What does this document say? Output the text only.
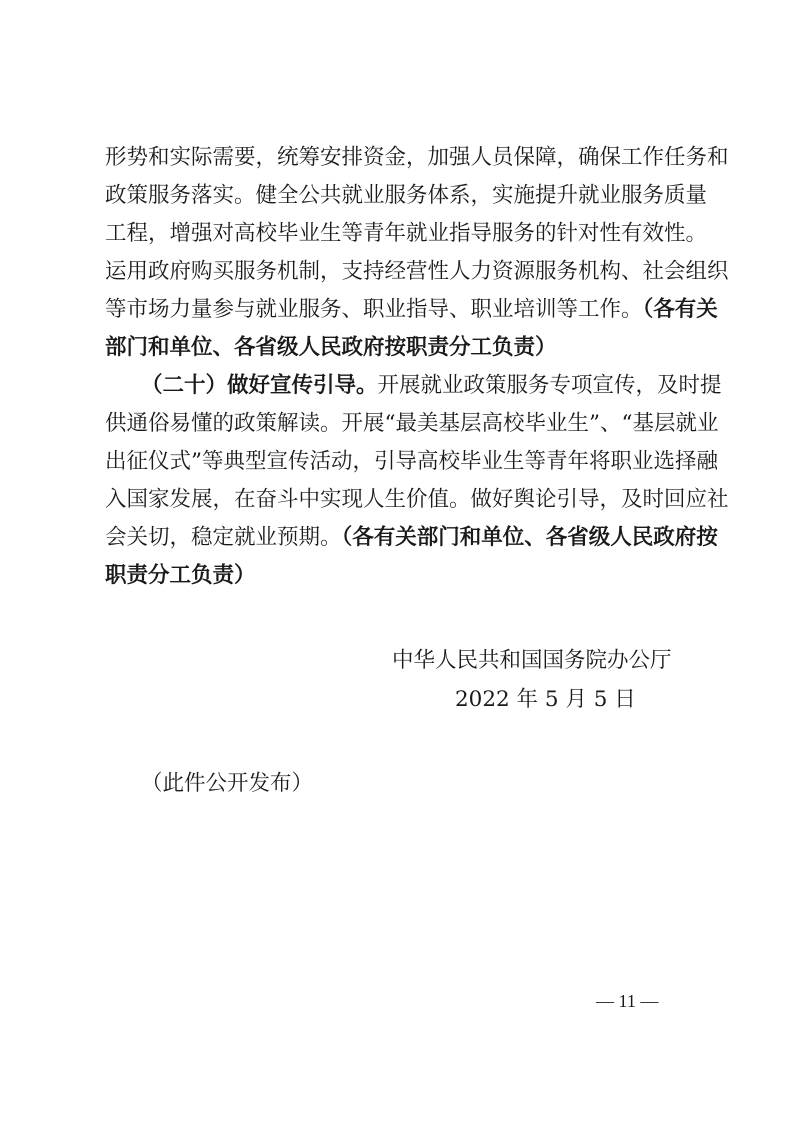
形势和实际需要，统筹安排资金，加强人员保障，确保工作任务和
政策服务落实。健全公共就业服务体系，实施提升就业服务质量
工程，增强对高校毕业生等青年就业指导服务的针对性有效性。
运用政府购买服务机制，支持经营性人力资源服务机构、社会组织
等市场力量参与就业服务、职业指导、职业培训等工作。（各有关
部门和单位、各省级人民政府按职责分工负责）
（二十）做好宣传引导。开展就业政策服务专项宣传，及时提
供通俗易懂的政策解读。开展“最美基层高校毕业生”、“基层就业
出征仪式”等典型宣传活动，引导高校毕业生等青年将职业选择融
入国家发展，在奋斗中实现人生价值。做好舆论引导，及时回应社
会关切，稳定就业预期。（各有关部门和单位、各省级人民政府按
职责分工负责）
中华人民共和国国务院办公厅
2022 年 5 月 5 日
（此件公开发布）
— 11 —
